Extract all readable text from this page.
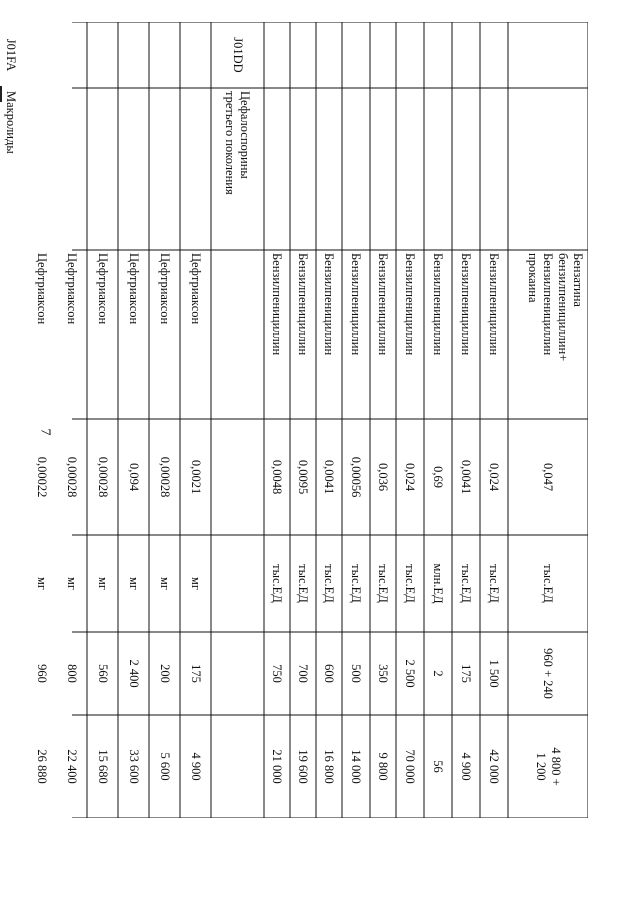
7
Бензатина
бензилпенициллин+
Бензилпенициллин
прокаина
0,047
тыс.ЕД
960 + 240
4 800 +
1 200
Бензилпенициллин
0,024
тыс.ЕД
1 500
42 000
Бензилпенициллин
0,0041
тыс.ЕД
175
4 900
Бензилпенициллин
0,69
млн.ЕД
2
56
Бензилпенициллин
0,024
тыс.ЕД
2 500
70 000
Бензилпенициллин
0,036
тыс.ЕД
350
9 800
Бензилпенициллин
0,00056
тыс.ЕД
500
14 000
Бензилпенициллин
0,0041
тыс.ЕД
600
16 800
Бензилпенициллин
0,0095
тыс.ЕД
700
19 600
Бензилпенициллин
0,0048
тыс.ЕД
750
21 000
J01DD
Цефалоспорины
третьего поколения
Цефтриаксон
0,0021
мг
175
4 900
Цефтриаксон
0,00028
мг
200
5 600
Цефтриаксон
0,094
мг
2 400
33 600
Цефтриаксон
0,00028
мг
560
15 680
Цефтриаксон
0,00028
мг
800
22 400
Цефтриаксон
0,00022
мг
960
26 880
J01FA
Макролиды
